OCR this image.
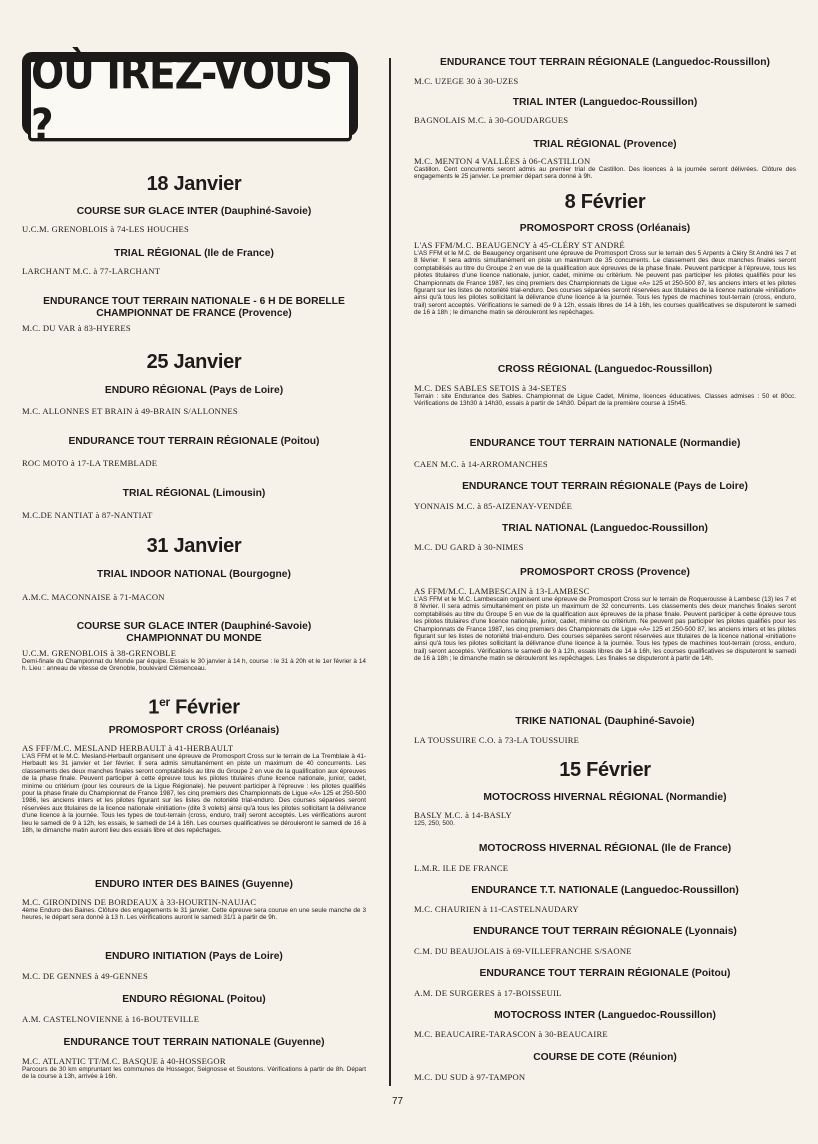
OÙ IREZ-VOUS ?

18 Janvier

COURSE SUR GLACE INTER (Dauphiné-Savoie)

U.C.M. GRENOBLOIS à 74-LES HOUCHES

TRIAL RÉGIONAL (Ile de France)

LARCHANT M.C. à 77-LARCHANT

ENDURANCE TOUT TERRAIN NATIONALE - 6 H DE BORELLE

CHAMPIONNAT DE FRANCE (Provence)

M.C. DU VAR à 83-HYERES

25 Janvier

ENDURO RÉGIONAL (Pays de Loire)

M.C. ALLONNES ET BRAIN à 49-BRAIN S/ALLONNES

ENDURANCE TOUT TERRAIN RÉGIONALE (Poitou)

ROC MOTO à 17-LA TREMBLADE

TRIAL RÉGIONAL (Limousin)

M.C.DE NANTIAT à 87-NANTIAT

31 Janvier

TRIAL INDOOR NATIONAL (Bourgogne)

A.M.C. MACONNAISE à 71-MACON

COURSE SUR GLACE INTER (Dauphiné-Savoie)

CHAMPIONNAT DU MONDE

U.C.M. GRENOBLOIS à 38-GRENOBLE

Demi-finale du Championnat du Monde par équipe. Essais le 30 janvier à 14 h, course : le 31 à 20h et le 1er février à 14 h. Lieu : anneau de vitesse de Grenoble, boulevard Clémenceau.

1er Février

PROMOSPORT CROSS (Orléanais)

AS FFF/M.C. MESLAND HERBAULT à 41-HERBAULT

L'AS FFM et le M.C. Mesland-Herbault organisent une épreuve de Promosport Cross sur le terrain de La Tremblaie à 41-Herbault les 31 janvier et 1er février. Il sera admis simultanément en piste un maximum de 40 concurrents. Les classements des deux manches finales seront comptabilisés au titre du Groupe 2 en vue de la qualification aux épreuves de la phase finale. Peuvent participer à cette épreuve tous les pilotes titulaires d'une licence nationale, junior, cadet, minime ou critérium (pour les coureurs de la Ligue Régionale). Ne peuvent participer à l'épreuve : les pilotes qualifiés pour la phase finale du Championnat de France 1987, les cinq premiers des Championnats de Ligue «A» 125 et 250-500 1986, les anciens inters et les pilotes figurant sur les listes de notoriété trial-enduro. Des courses séparées seront réservées aux titulaires de la licence nationale «initiation» (dite 3 volets) ainsi qu'à tous les pilotes sollicitant la délivrance d'une licence à la journée. Tous les types de tout-terrain (cross, enduro, trail) seront acceptés. Les vérifications auront lieu le samedi de 9 à 12h, les essais, le samedi de 14 à 16h. Les courses qualificatives se dérouleront le samedi de 16 à 18h, le dimanche matin auront lieu des essais libre et des repêchages.

ENDURO INTER DES BAINES (Guyenne)

M.C. GIRONDINS DE BORDEAUX à 33-HOURTIN-NAUJAC

4ème Enduro des Baines. Clôture des engagements le 31 janvier. Cette épreuve sera courue en une seule manche de 3 heures, le départ sera donné à 13 h. Les vérifications auront le samedi 31/1 à partir de 9h.

ENDURO INITIATION (Pays de Loire)

M.C. DE GENNES à 49-GENNES

ENDURO RÉGIONAL (Poitou)

A.M. CASTELNOVIENNE à 16-BOUTEVILLE

ENDURANCE TOUT TERRAIN NATIONALE (Guyenne)

M.C. ATLANTIC TT/M.C. BASQUE à 40-HOSSEGOR

Parcours de 30 km empruntant les communes de Hossegor, Seignosse et Soustons. Vérifications à partir de 8h. Départ de la course à 13h, arrivée à 16h.

ENDURANCE TOUT TERRAIN RÉGIONALE (Languedoc-Roussillon)

M.C. UZEGE 30 à 30-UZES

TRIAL INTER (Languedoc-Roussillon)

BAGNOLAIS M.C. à 30-GOUDARGUES

TRIAL RÉGIONAL (Provence)

M.C. MENTON 4 VALLÉES à 06-CASTILLON

Castillon. Cent concurrents seront admis au premier trial de Castillon. Des licences à la journée seront délivrées. Clôture des engagements le 25 janvier. Le premier départ sera donné à 9h.

8 Février

PROMOSPORT CROSS (Orléanais)

L'AS FFM/M.C. BEAUGENCY à 45-CLÉRY ST ANDRÉ

L'AS FFM et le M.C. de Beaugency organisent une épreuve de Promosport Cross sur le terrain des 5 Arpents à Cléry St André les 7 et 8 février. Il sera admis simultanément en piste un maximum de 35 concurrents. Le classement des deux manches finales seront comptabilisés au titre du Groupe 2 en vue de la qualification aux épreuves de la phase finale. Peuvent participer à l'épreuve, tous les pilotes titulaires d'une licence nationale, junior, cadet, minime ou critérium. Ne peuvent pas participer les pilotes qualifiés pour les Championnats de France 1987, les cinq premiers des Championnats de Ligue «A» 125 et 250-500 87, les anciens inters et les pilotes figurant sur les listes de notoriété trial-enduro. Des courses séparées seront réservées aux titulaires de la licence nationale «initiation» ainsi qu'à tous les pilotes sollicitant la délivrance d'une licence à la journée. Tous les types de machines tout-terrain (cross, enduro, trail) seront acceptés. Vérifications le samedi de 9 à 12h, essais libres de 14 à 16h, les courses qualificatives se disputeront le samedi de 16 à 18h ; le dimanche matin se dérouleront les repêchages.

CROSS RÉGIONAL (Languedoc-Roussillon)

M.C. DES SABLES SETOIS à 34-SETES

Terrain : site Endurance des Sables. Championnat de Ligue Cadet, Minime, licences éducatives. Classes admises : 50 et 80cc. Vérifications de 13h30 à 14h30, essais à partir de 14h30. Départ de la première course à 15h45.

ENDURANCE TOUT TERRAIN NATIONALE (Normandie)

CAEN M.C. à 14-ARROMANCHES

ENDURANCE TOUT TERRAIN RÉGIONALE (Pays de Loire)

YONNAIS M.C. à 85-AIZENAY-VENDÉE

TRIAL NATIONAL (Languedoc-Roussillon)

M.C. DU GARD à 30-NIMES

PROMOSPORT CROSS (Provence)

AS FFM/M.C. LAMBESCAIN à 13-LAMBESC

L'AS FFM et le M.C. Lambescain organisent une épreuve de Promosport Cross sur le terrain de Roquerousse à Lambesc (13) les 7 et 8 février. Il sera admis simultanément en piste un maximum de 32 concurrents. Les classements des deux manches finales seront comptabilisés au titre du Groupe 5 en vue de la qualification aux épreuves de la phase finale. Peuvent participer à cette épreuve tous les pilotes titulaires d'une licence nationale, junior, cadet, minime ou critérium. Ne peuvent pas participer les pilotes qualifiés pour les Championnats de France 1987, les cinq premiers des Championnats de Ligue «A» 125 et 250-500 87, les anciens inters et les pilotes figurant sur les listes de notoriété trial-enduro. Des courses séparées seront réservées aux titulaires de la licence national «initiation» ainsi qu'à tous les pilotes sollicitant la délivrance d'une licence à la journée. Tous les types de machines tout-terrain (cross, enduro, trail) seront acceptés. Vérifications le samedi de 9 à 12h, essais libres de 14 à 16h, les courses qualificatives se disputeront le samedi de 16 à 18h ; le dimanche matin se dérouleront les repêchages. Les finales se disputeront à partir de 14h.

TRIKE NATIONAL (Dauphiné-Savoie)

LA TOUSSUIRE C.O. à 73-LA TOUSSUIRE

15 Février

MOTOCROSS HIVERNAL RÉGIONAL (Normandie)

BASLY M.C. à 14-BASLY

125, 250, 500.

MOTOCROSS HIVERNAL RÉGIONAL (Ile de France)

L.M.R. ILE DE FRANCE

ENDURANCE T.T. NATIONALE (Languedoc-Roussillon)

M.C. CHAURIEN à 11-CASTELNAUDARY

ENDURANCE TOUT TERRAIN RÉGIONALE (Lyonnais)

C.M. DU BEAUJOLAIS à 69-VILLEFRANCHE S/SAONE

ENDURANCE TOUT TERRAIN RÉGIONALE (Poitou)

A.M. DE SURGERES à 17-BOISSEUIL

MOTOCROSS INTER (Languedoc-Roussillon)

M.C. BEAUCAIRE-TARASCON à 30-BEAUCAIRE

COURSE DE COTE (Réunion)

M.C. DU SUD à 97-TAMPON

77
